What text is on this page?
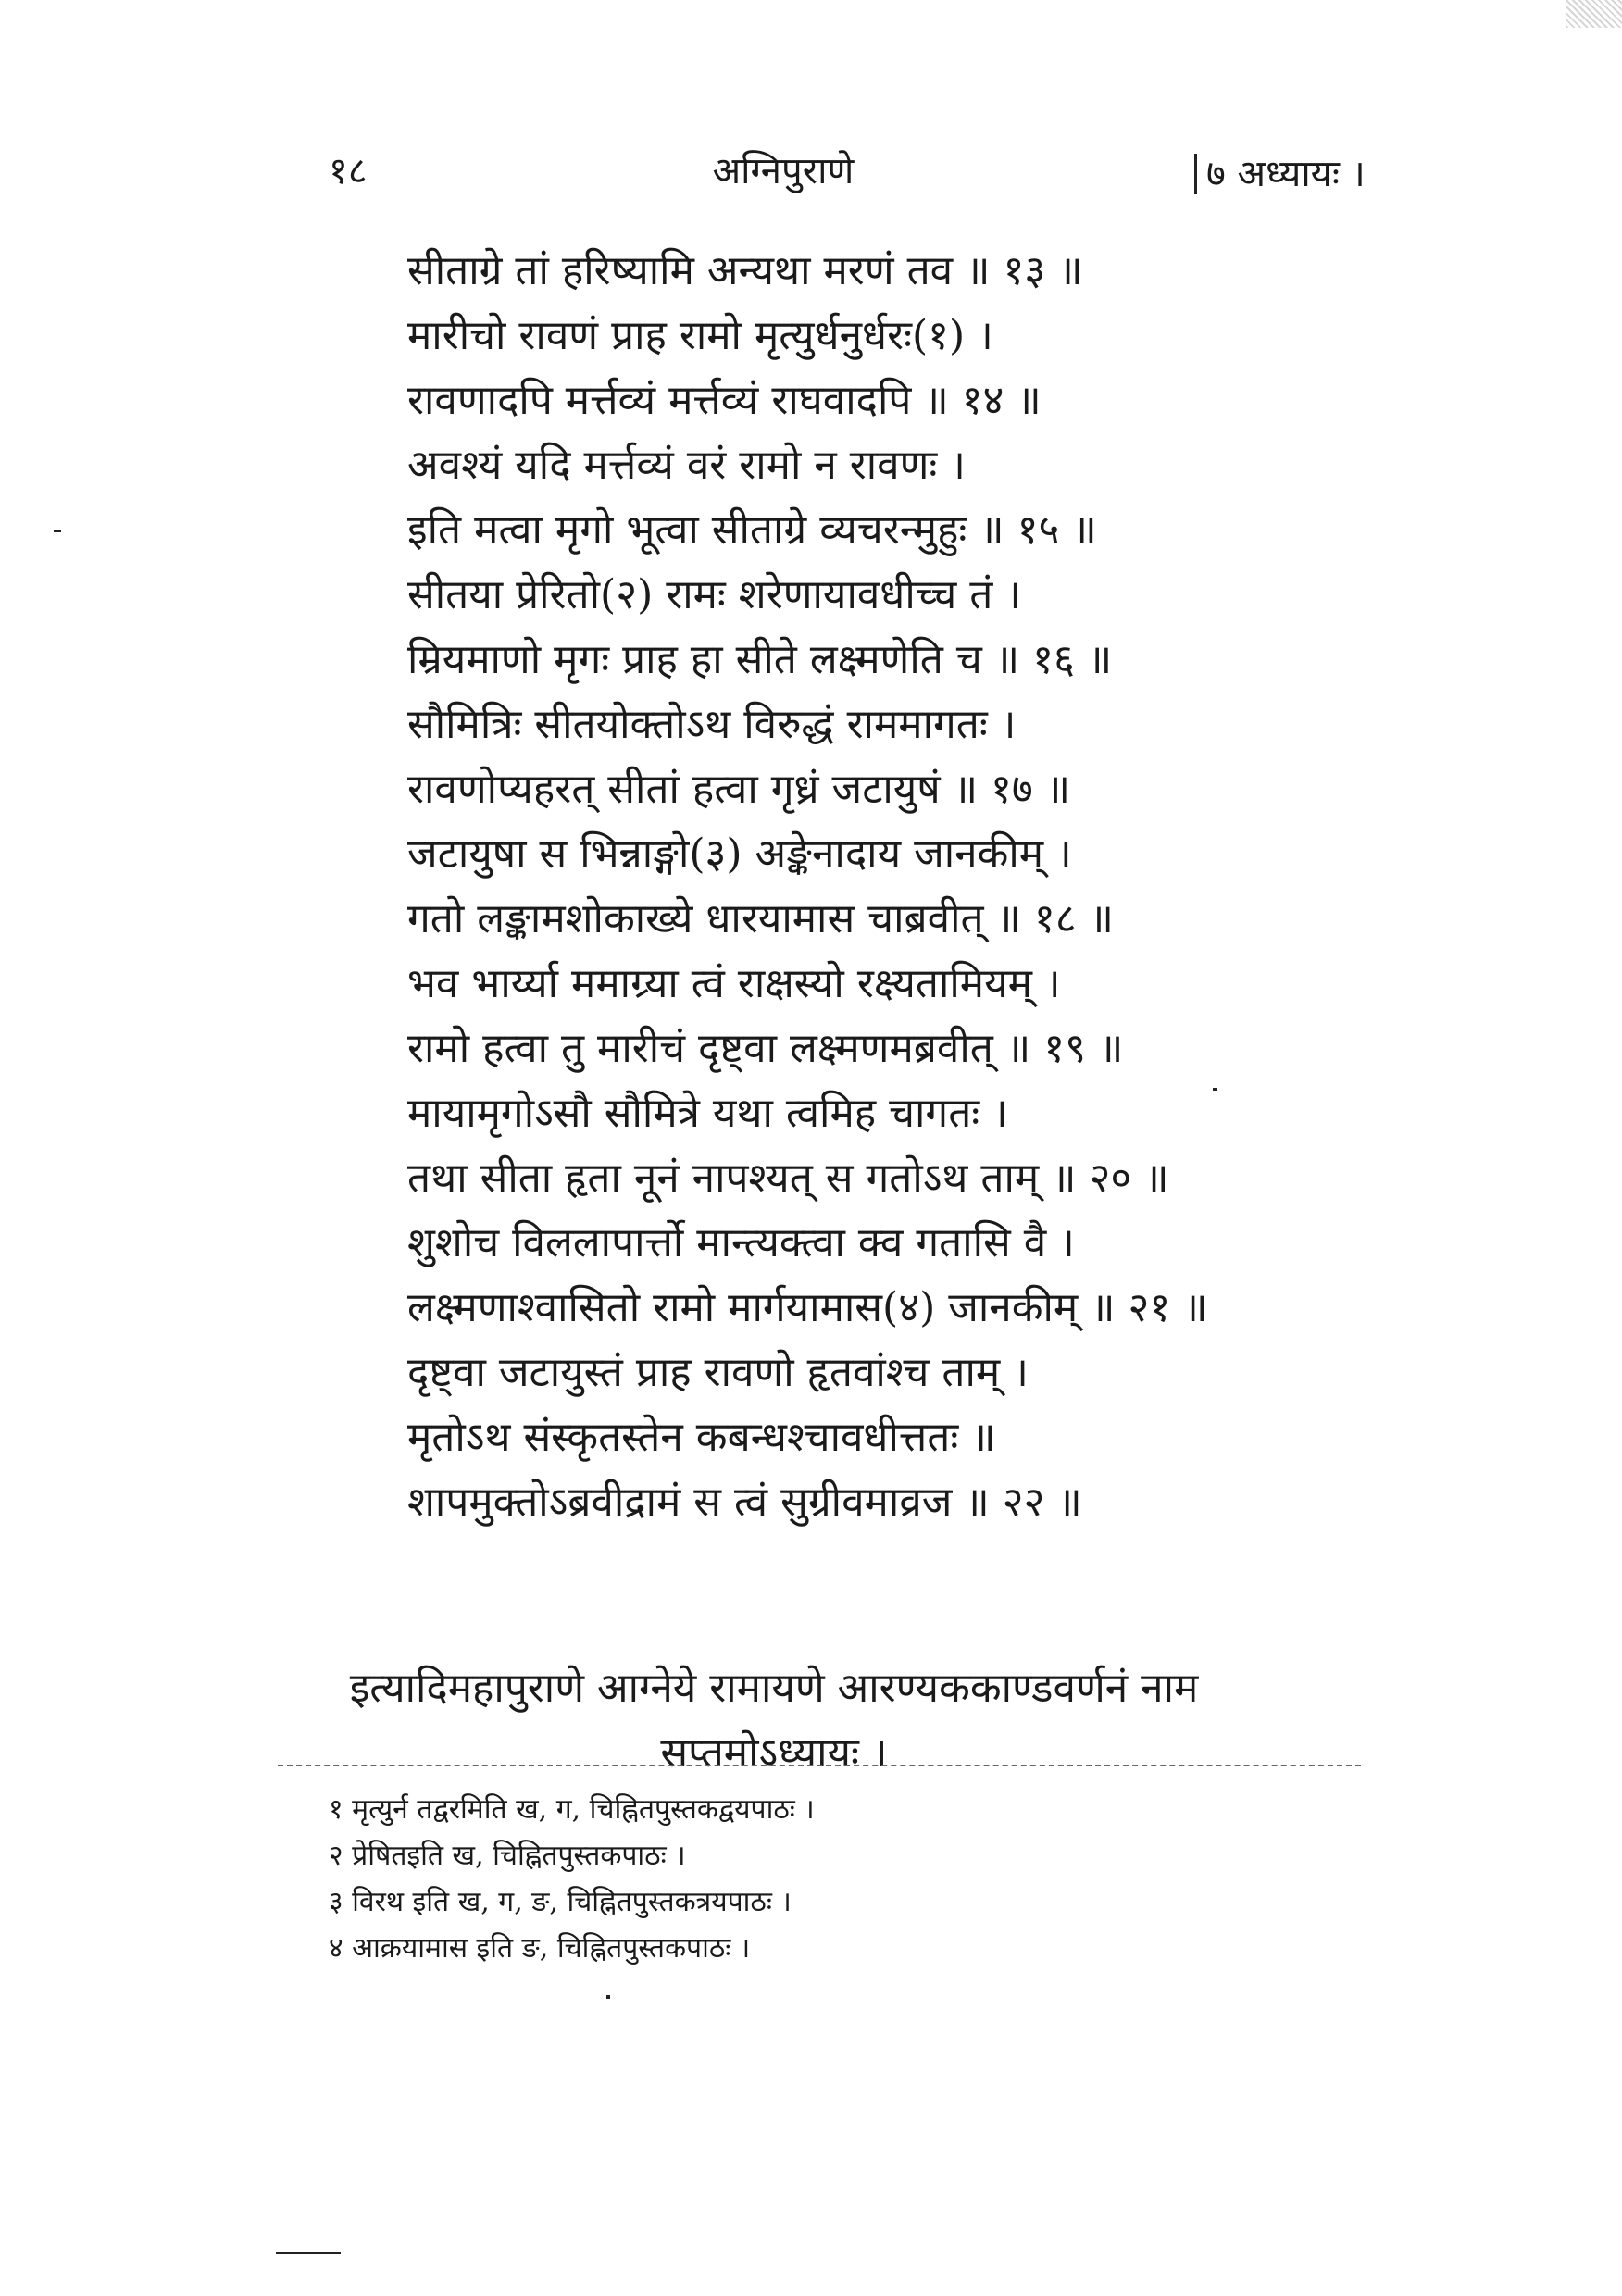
१८	अग्निपुराणे	७ अध्यायः ।
सीताग्रे तां हरिष्यामि अन्यथा मरणं तव ॥ १३ ॥
मारीचो रावणं प्राह रामो मृत्युर्धनुर्धरः(१) ।
रावणादपि मर्त्तव्यं मर्त्तव्यं राघवादपि ॥ १४ ॥
अवश्यं यदि मर्त्तव्यं वरं रामो न रावणः ।
इति मत्वा मृगो भूत्वा सीताग्रे व्यचरन्मुहुः ॥ १५ ॥
सीतया प्रेरितो(२) रामः शरेणायावधीच्च तं ।
म्रियमाणो मृगः प्राह हा सीते लक्ष्मणेति च ॥ १६ ॥
सौमित्रिः सीतयोक्तोऽथ विरुद्धं राममागतः ।
रावणोप्यहरत् सीतां हत्वा गृध्रं जटायुषं ॥ १७ ॥
जटायुषा स भिन्नाङ्गो(३) अङ्केनादाय जानकीम् ।
गतो लङ्कामशोकाख्ये धारयामास चाब्रवीत् ॥ १८ ॥
भव भार्य्या ममाग्र्या त्वं राक्षस्यो रक्ष्यतामियम् ।
रामो हत्वा तु मारीचं दृष्ट्वा लक्ष्मणमब्रवीत् ॥ १९ ॥
मायामृगोऽसौ सौमित्रे यथा त्वमिह चागतः ।
तथा सीता हृता नूनं नापश्यत् स गतोऽथ ताम् ॥ २० ॥
शुशोच विललापार्त्तो मान्त्यक्त्वा क्व गतासि वै ।
लक्ष्मणाश्वासितो रामो मार्गयामास(४) जानकीम् ॥ २१ ॥
दृष्ट्वा जटायुस्तं प्राह रावणो हृतवांश्च ताम् ।
मृतोऽथ संस्कृतस्तेन कबन्धश्चावधीत्ततः ॥
शापमुक्तोऽब्रवीद्रामं स त्वं सुग्रीवमाव्रज ॥ २२ ॥
इत्यादिमहापुराणे आग्नेये रामायणे आरण्यककाण्डवर्णनं नाम
सप्तमोऽध्यायः ।
१ मृत्युर्न तद्वरमिति ख, ग, चिह्नितपुस्तकद्वयपाठः ।
२ प्रेषितइति ख, चिह्नितपुस्तकपाठः ।
३ विरथ इति ख, ग, ङ, चिह्नितपुस्तकत्रयपाठः ।
४ आक्रयामास इति ङ, चिह्नितपुस्तकपाठः ।
